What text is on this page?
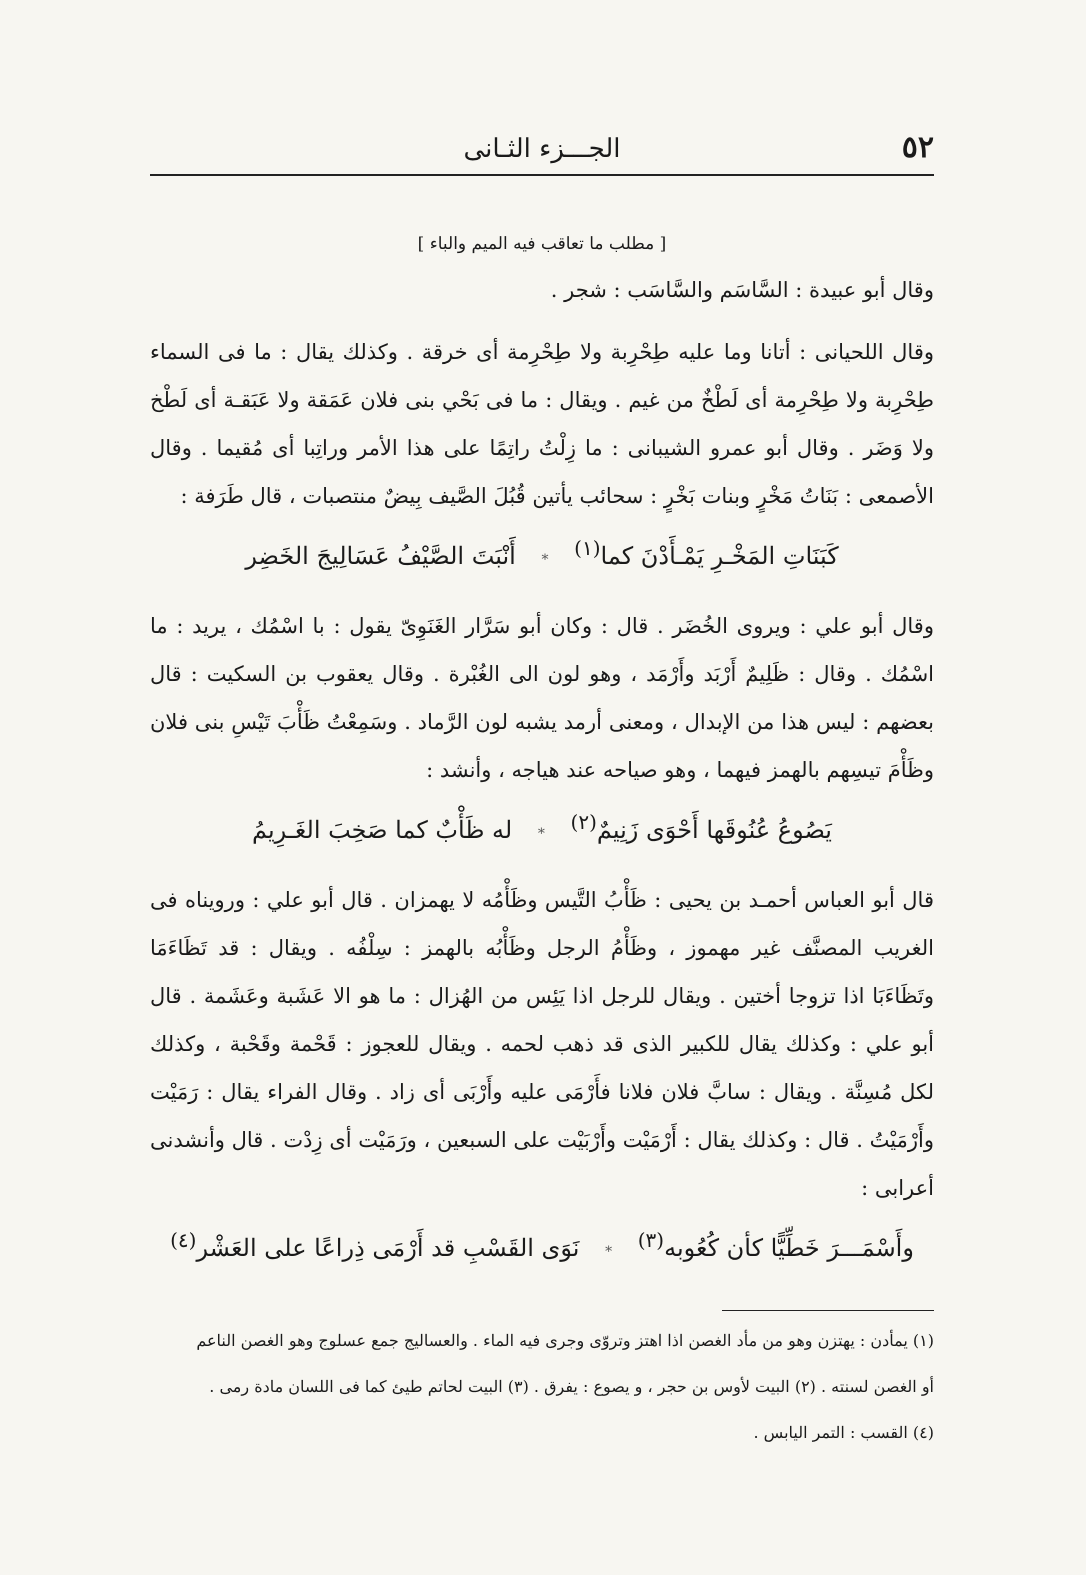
٥٢
الجـــزء الثـانى

[ مطلب ما تعاقب فيه الميم والباء ]

وقال أبو عبيدة : السَّاسَم والسَّاسَب : شجر .

وقال اللحيانى : أتانا وما عليه طِحْرِبة ولا طِحْرِمة أى خرقة . وكذلك يقال : ما فى السماء طِحْرِبة ولا طِحْرِمة أى لَطْخٌ من غيم . ويقال : ما فى بَحْي بنى فلان عَمَقة ولا عَبَقـة أى لَطْخ ولا وَضَر . وقال أبو عمرو الشيبانى : ما زِلْتُ راتِمًا على هذا الأمر وراتِبا أى مُقيما . وقال الأصمعى : بَنَاتُ مَخْرٍ وبنات بَخْرٍ : سحائب يأتين قُبُلَ الصَّيف بِيضٌ منتصبات ، قال طَرَفة :

كَبَنَاتِ المَخْـرِ يَمْـأَدْنَ كما$^{(١)}$ * أَنْبَتَ الصَّيْفُ عَسَالِيجَ الخَضِر

وقال أبو علي : ويروى الخُضَر . قال : وكان أبو سَرَّار الغَنَوِىّ يقول : با اسْمُك ، يريد : ما اسْمُك . وقال : ظَلِيمٌ أَرْبَد وأَرْمَد ، وهو لون الى الغُبْرة . وقال يعقوب بن السكيت : قال بعضهم : ليس هذا من الإبدال ، ومعنى أرمد يشبه لون الرَّماد . وسَمِعْتُ ظَأْبَ تَيْسِ بنى فلان وظَأْمَ تيسِهم بالهمز فيهما ، وهو صياحه عند هياجه ، وأنشد :

يَصُوعُ عُنُوقَها أَحْوَى زَنِيمٌ$^{(٢)}$ * له ظَأْبٌ كما صَخِبَ الغَـرِيمُ

قال أبو العباس أحمـد بن يحيى : ظَأْبُ التَّيس وظَأْمُه لا يهمزان . قال أبو علي : ورويناه فى الغريب المصنَّف غير مهموز ، وظَأْمُ الرجل وظَأْبُه بالهمز : سِلْفُه . ويقال : قد تَظَاءَمَا وتَظَاءَبَا اذا تزوجا أختين . ويقال للرجل اذا يَئِس من الهُزال : ما هو الا عَشَبة وعَشَمة . قال أبو علي : وكذلك يقال للكبير الذى قد ذهب لحمه . ويقال للعجوز : قَحْمة وقَحْبة ، وكذلك لكل مُسِنَّة . ويقال : سابَّ فلان فلانا فأَرْمَى عليه وأَرْبَى أى زاد . وقال الفراء يقال : رَمَيْت وأَرْمَيْتُ . قال : وكذلك يقال : أَرْمَيْت وأَرْبَيْت على السبعين ، ورَمَيْت أى زِدْت . قال وأنشدنى أعرابى :

وأَسْمَـــرَ خَطِّيًّا كأن كُعُوبه$^{(٣)}$ * نَوَى القَسْبِ قد أَرْمَى ذِراعًا على العَشْر$^{(٤)}$

(١) يمأدن : يهتزن وهو من مأد الغصن اذا اهتز وتروّى وجرى فيه الماء . والعساليج جمع عسلوج وهو الغصن الناعم

أو الغصن لسنته . (٢) البيت لأوس بن حجر ، و يصوع : يفرق . (٣) البيت لحاتم طيئ كما فى اللسان مادة رمى .

(٤) القسب : التمر اليابس .
